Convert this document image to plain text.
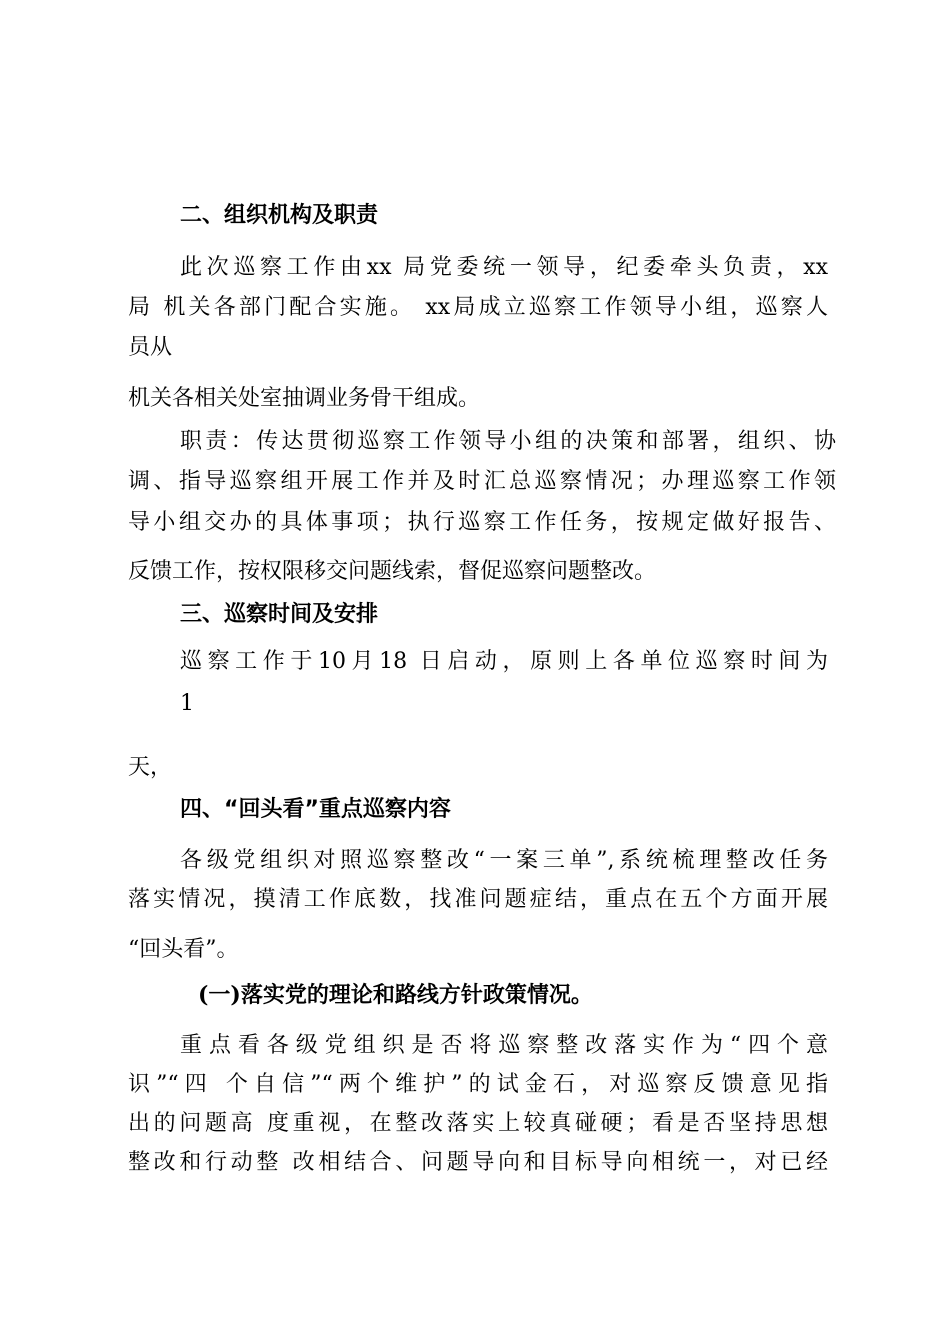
二、组织机构及职责
此次巡察工作由xx 局党委统一领导，纪委牵头负责，xx
局 机关各部门配合实施。 xx局成立巡察工作领导小组，巡察人
员从
机关各相关处室抽调业务骨干组成。
职责：传达贯彻巡察工作领导小组的决策和部署，组织、协
调、指导巡察组开展工作并及时汇总巡察情况；办理巡察工作领
导小组交办的具体事项；执行巡察工作任务，按规定做好报告、
反馈工作，按权限移交问题线索，督促巡察问题整改。
三、巡察时间及安排
巡察工作于10月18 日启动，原则上各单位巡察时间为
1
天，
四、“回头看”重点巡察内容
各级党组织对照巡察整改“一案三单”,系统梳理整改任务
落实情况，摸清工作底数，找准问题症结，重点在五个方面开展
“回头看”。
(一)落实党的理论和路线方针政策情况。
重点看各级党组织是否将巡察整改落实作为“四个意
识”“四 个自信”“两个维护”的试金石，对巡察反馈意见指
出的问题高 度重视，在整改落实上较真碰硬；看是否坚持思想
整改和行动整 改相结合、问题导向和目标导向相统一，对已经
